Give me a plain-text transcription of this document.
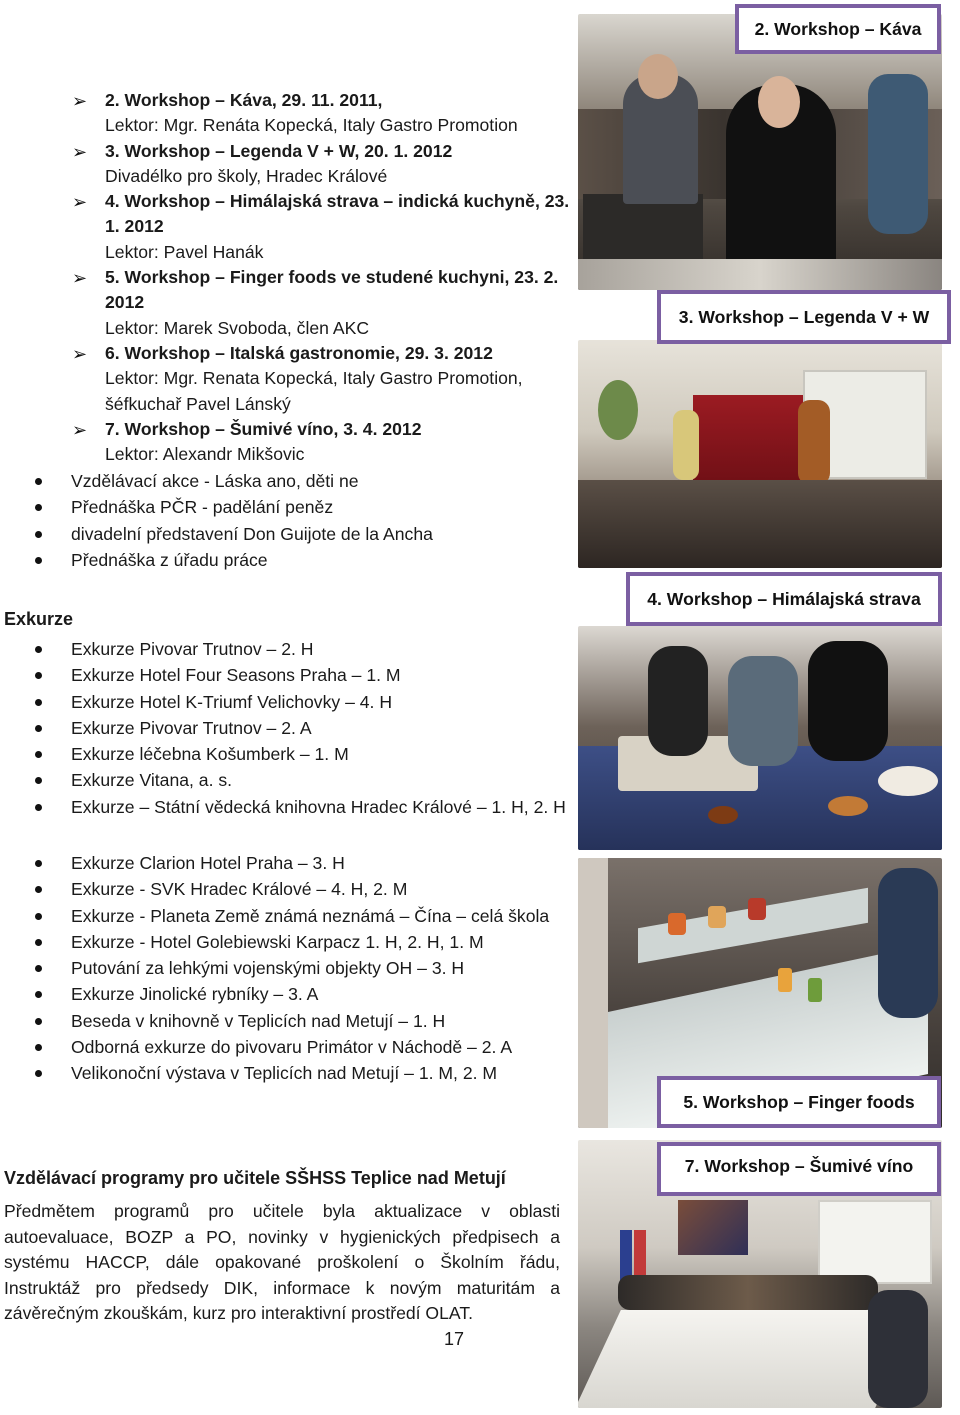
➢ 2. Workshop – Káva, 29. 11. 2011,
Lektor: Mgr. Renáta Kopecká, Italy Gastro Promotion
➢ 3. Workshop – Legenda V + W, 20. 1. 2012
Divadélko pro školy, Hradec Králové
➢ 4. Workshop – Himálajská strava – indická kuchyně, 23. 1. 2012
Lektor: Pavel Hanák
➢ 5. Workshop – Finger foods ve studené kuchyni, 23. 2. 2012
Lektor: Marek Svoboda, člen AKC
➢ 6. Workshop – Italská gastronomie, 29. 3. 2012
Lektor: Mgr. Renata Kopecká, Italy Gastro Promotion, šéfkuchař Pavel Lánský
➢ 7. Workshop – Šumivé víno, 3. 4. 2012
Lektor: Alexandr Mikšovic
Vzdělávací akce - Láska ano, děti ne
Přednáška PČR - padělání peněz
divadelní představení Don Guijote de la Ancha
Přednáška z úřadu práce
Exkurze
Exkurze Pivovar Trutnov – 2. H
Exkurze Hotel Four Seasons Praha – 1. M
Exkurze Hotel K-Triumf Velichovky – 4. H
Exkurze Pivovar Trutnov – 2. A
Exkurze léčebna Košumberk – 1. M
Exkurze Vitana, a. s.
Exkurze – Státní vědecká knihovna Hradec Králové – 1. H, 2. H
Exkurze Clarion Hotel Praha – 3. H
Exkurze - SVK Hradec Králové – 4. H, 2. M
Exkurze - Planeta Země známá neznámá – Čína – celá škola
Exkurze - Hotel Golebiewski Karpacz 1. H, 2. H, 1. M
Putování za lehkými vojenskými objekty OH – 3. H
Exkurze Jinolické rybníky – 3. A
Beseda v knihovně v Teplicích nad Metují – 1. H
Odborná exkurze do pivovaru Primátor v Náchodě – 2. A
Velikonoční výstava v Teplicích nad Metují – 1. M, 2. M
Vzdělávací programy pro učitele SŠHSS Teplice nad Metují

Předmětem programů pro učitele byla aktualizace v oblasti autoevaluace, BOZP a PO, novinky v hygienických předpisech a systému HACCP, dále opakované proškolení o Školním řádu, Instruktáž pro předsedy DIK, informace k novým maturitám a závěrečným zkouškám, kurz pro interaktivní prostředí OLAT.

17
2. Workshop – Káva
3. Workshop – Legenda V + W
4. Workshop – Himálajská strava
5. Workshop – Finger foods
7. Workshop – Šumivé víno
